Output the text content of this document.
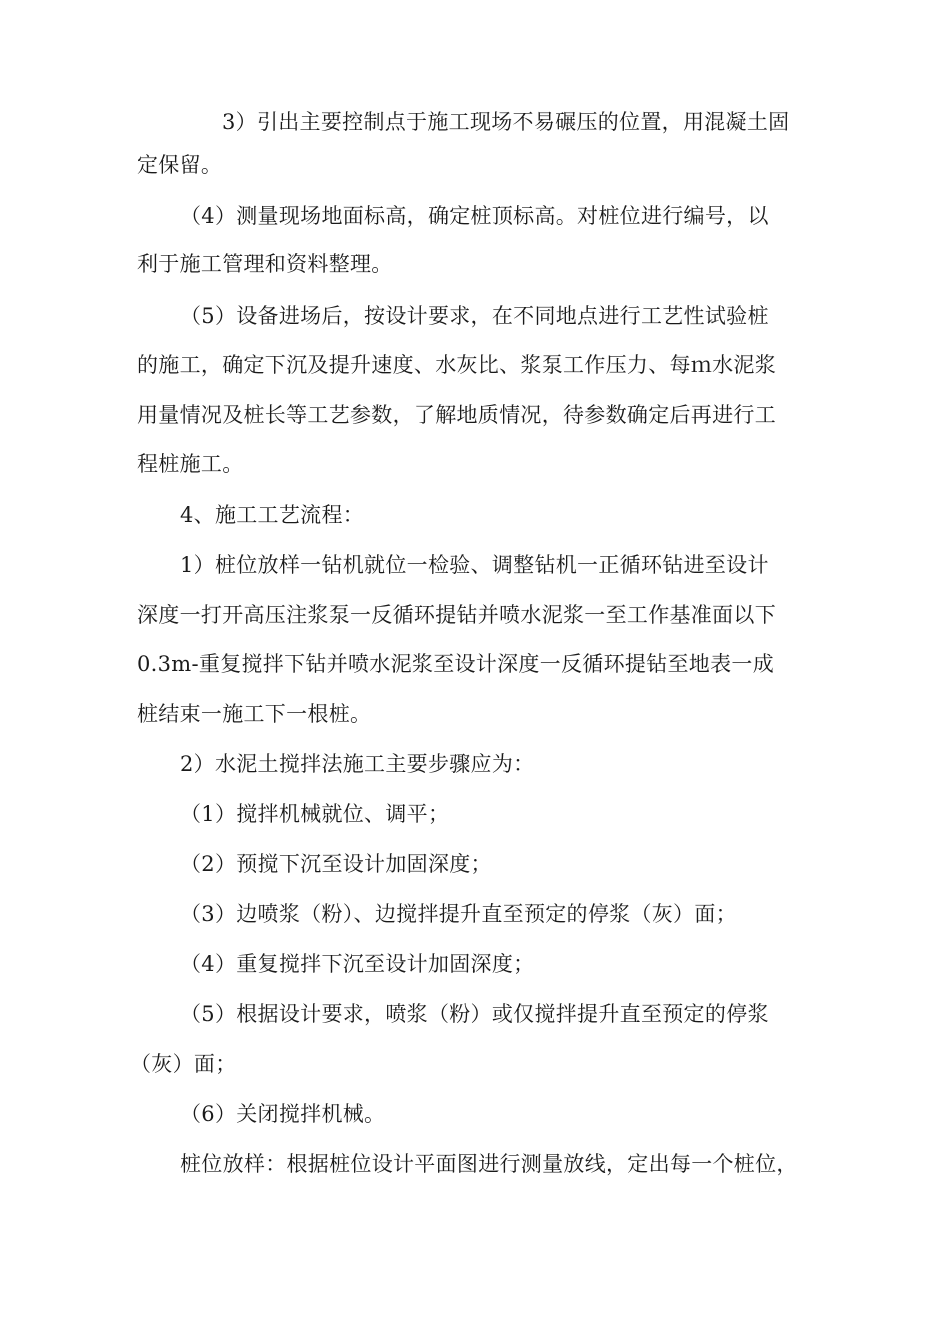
3）引出主要控制点于施工现场不易碾压的位置，用混凝土固
定保留。
（4）测量现场地面标高，确定桩顶标高。对桩位进行编号，以
利于施工管理和资料整理。
（5）设备进场后，按设计要求，在不同地点进行工艺性试验桩
的施工，确定下沉及提升速度、水灰比、浆泵工作压力、每ｍ水泥浆
用量情况及桩长等工艺参数，了解地质情况，待参数确定后再进行工
程桩施工。
4、施工工艺流程：
1）桩位放样一钻机就位一检验、调整钻机一正循环钻进至设计
深度一打开高压注浆泵一反循环提钻并喷水泥浆一至工作基准面以下
0.3m-重复搅拌下钻并喷水泥浆至设计深度一反循环提钻至地表一成
桩结束一施工下一根桩。
2）水泥土搅拌法施工主要步骤应为：
（1）搅拌机械就位、调平；
（2）预搅下沉至设计加固深度；
（3）边喷浆（粉）、边搅拌提升直至预定的停浆（灰）面；
（4）重复搅拌下沉至设计加固深度；
（5）根据设计要求，喷浆（粉）或仅搅拌提升直至预定的停浆
（灰）面；
（6）关闭搅拌机械。
桩位放样：根据桩位设计平面图进行测量放线，定出每一个桩位，
